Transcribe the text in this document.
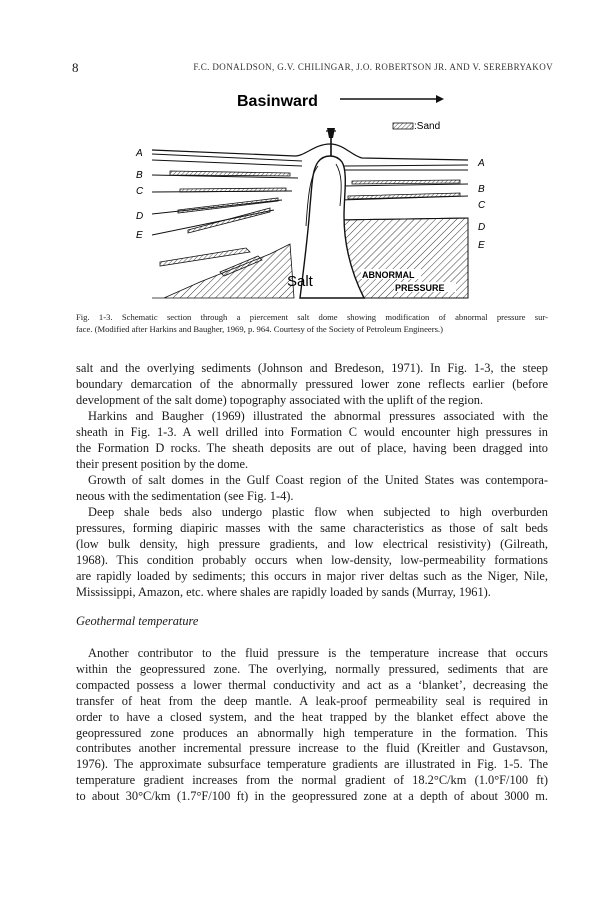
8	F.C. DONALDSON, G.V. CHILINGAR, J.O. ROBERTSON JR. AND V. SEREBRYAKOV
Basinward
:Sand
A
B
C
D
E
A
B
C
D
E
Salt	ABNORMAL
PRESSURE
Fig. 1-3. Schematic section through a piercement salt dome showing modification of abnormal pressure sur-
face. (Modified after Harkins and Baugher, 1969, p. 964. Courtesy of the Society of Petroleum Engineers.)
salt and the overlying sediments (Johnson and Bredeson, 1971). In Fig. 1-3, the steep
boundary demarcation of the abnormally pressured lower zone reflects earlier (before
development of the salt dome) topography associated with the uplift of the region.
Harkins and Baugher (1969) illustrated the abnormal pressures associated with the
sheath in Fig. 1-3. A well drilled into Formation C would encounter high pressures in
the Formation D rocks. The sheath deposits are out of place, having been dragged into
their present position by the dome.
Growth of salt domes in the Gulf Coast region of the United States was contempora-
neous with the sedimentation (see Fig. 1-4).
Deep shale beds also undergo plastic flow when subjected to high overburden
pressures, forming diapiric masses with the same characteristics as those of salt beds
(low bulk density, high pressure gradients, and low electrical resistivity) (Gilreath,
1968). This condition probably occurs when low-density, low-permeability formations
are rapidly loaded by sediments; this occurs in major river deltas such as the Niger, Nile,
Mississippi, Amazon, etc. where shales are rapidly loaded by sands (Murray, 1961).
Geothermal temperature
Another contributor to the fluid pressure is the temperature increase that occurs
within the geopressured zone. The overlying, normally pressured, sediments that are
compacted possess a lower thermal conductivity and act as a ‘blanket’, decreasing the
transfer of heat from the deep mantle. A leak-proof permeability seal is required in
order to have a closed system, and the heat trapped by the blanket effect above the
geopressured zone produces an abnormally high temperature in the formation. This
contributes another incremental pressure increase to the fluid (Kreitler and Gustavson,
1976). The approximate subsurface temperature gradients are illustrated in Fig. 1-5. The
temperature gradient increases from the normal gradient of 18.2°C/km (1.0°F/100 ft)
to about 30°C/km (1.7°F/100 ft) in the geopressured zone at a depth of about 3000 m.
